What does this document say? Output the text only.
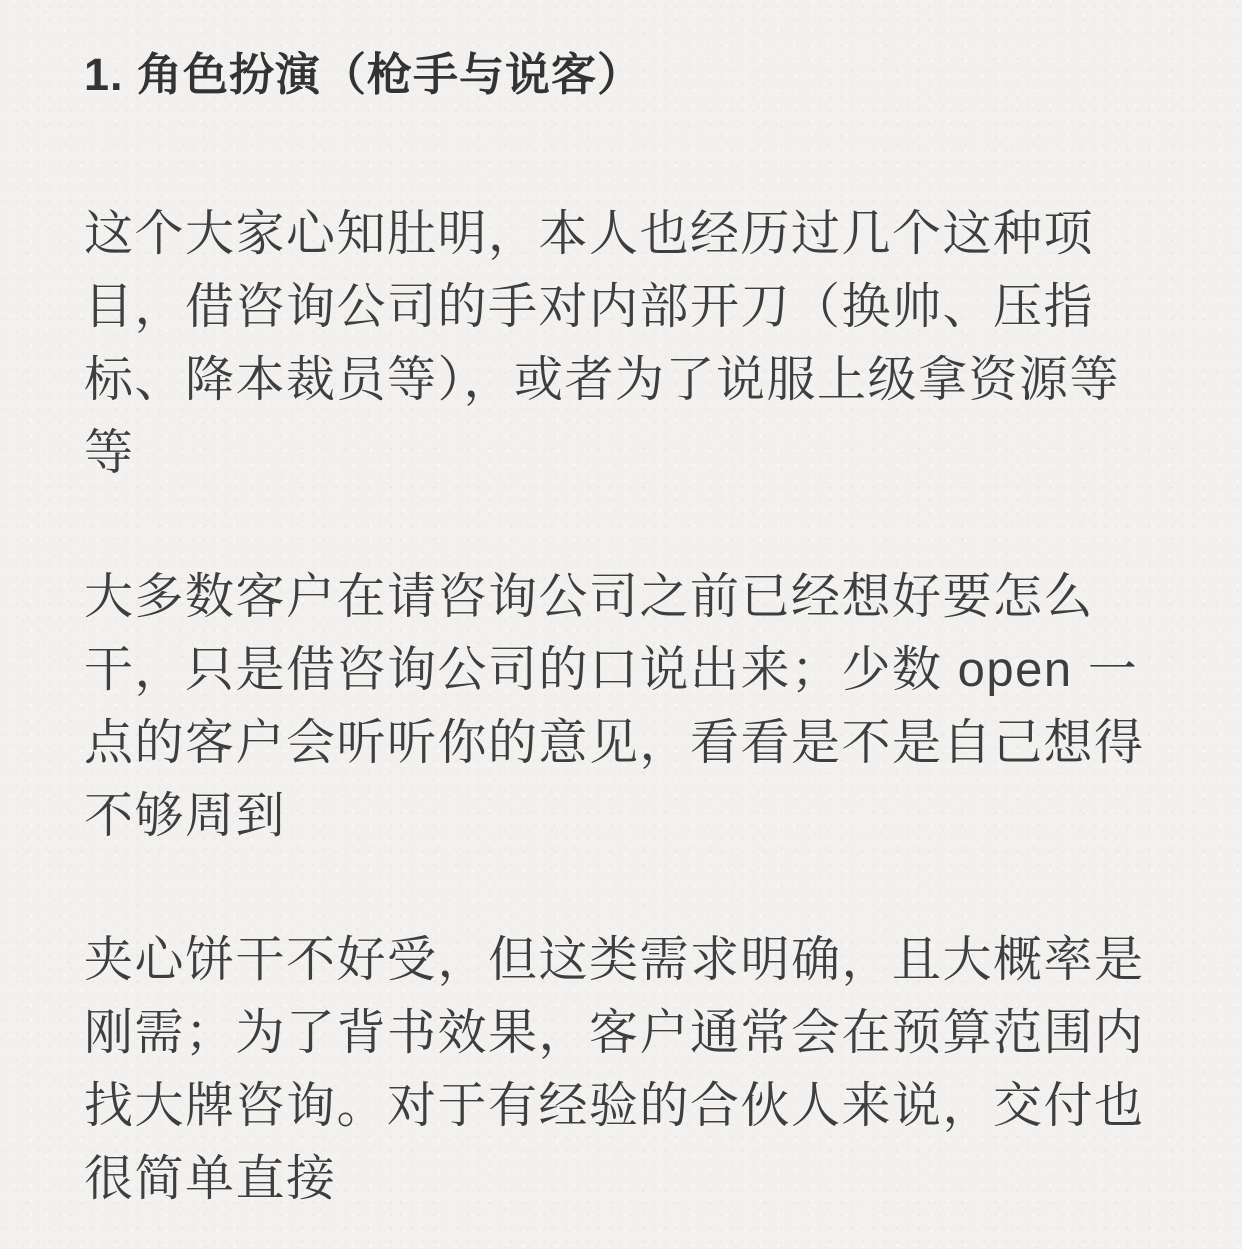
1. 角色扮演（枪手与说客）

这个大家心知肚明，本人也经历过几个这种项目，借咨询公司的手对内部开刀（换帅、压指标、降本裁员等），或者为了说服上级拿资源等等

大多数客户在请咨询公司之前已经想好要怎么干，只是借咨询公司的口说出来；少数 open 一点的客户会听听你的意见，看看是不是自己想得不够周到

夹心饼干不好受，但这类需求明确，且大概率是刚需；为了背书效果，客户通常会在预算范围内找大牌咨询。对于有经验的合伙人来说，交付也很简单直接
